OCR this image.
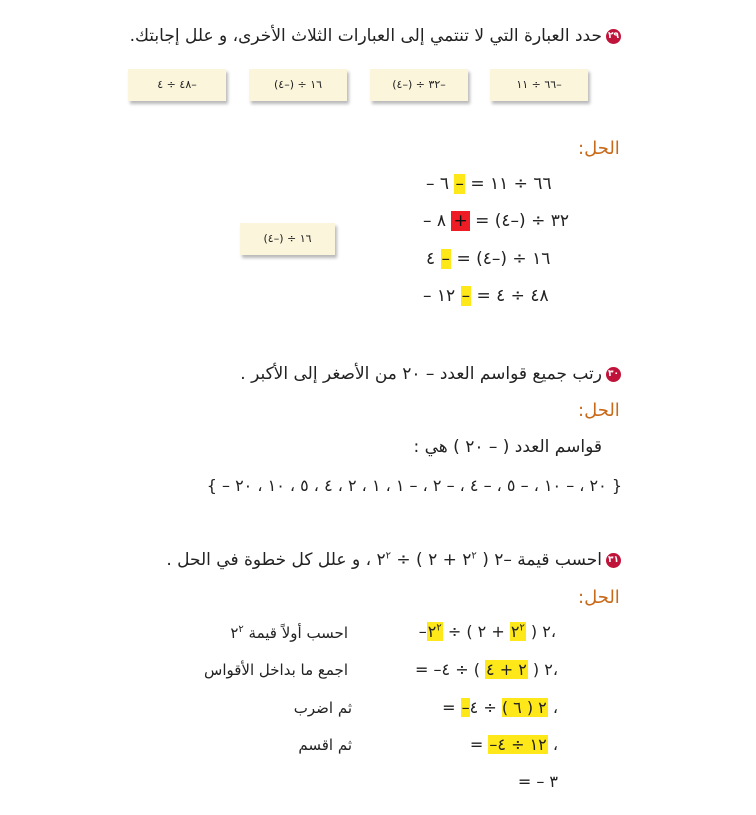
٢٩حدد العبارة التي لا تنتمي إلى العبارات الثلاث الأخرى، و علل إجابتك.
–٦٦ ÷ ١١
–٣٢ ÷ (–٤)
١٦ ÷ (–٤)
–٤٨ ÷ ٤
الحل:
١٦ ÷ (–٤)
– ٦٦ ÷ ١١ = – ٦
– ٣٢ ÷ (–٤) = + ٨
١٦ ÷ (–٤) = – ٤
– ٤٨ ÷ ٤ = – ١٢
٣٠رتب جميع قواسم العدد – ٢٠ من الأصغر إلى الأكبر .
الحل:
قواسم العدد ( – ٢٠ ) هي :
{ – ٢٠ ، – ١٠ ، – ٥ ، – ٤ ، – ٢ ، – ١ ، ١ ، ٢ ، ٤ ، ٥ ، ١٠ ، ٢٠ }
٣١احسب قيمة –٢ ( $٢^٢$ + ٢ ) ÷ $٢^٢$ ، و علل كل خطوة في الحل .
الحل:
–٢ ( $٢^٢$ + ٢ ) ÷ $٢^٢$	،
احسب أولاً قيمة $٢^٢$
= –٢ ( ٢ + ٤ ) ÷ ٤،
اجمع ما بداخل الأقواس
= –٢ ( ٦ ) ÷ ٤ ،
ثم اضرب
= –١٢ ÷ ٤ ،
ثم اقسم
= – ٣
